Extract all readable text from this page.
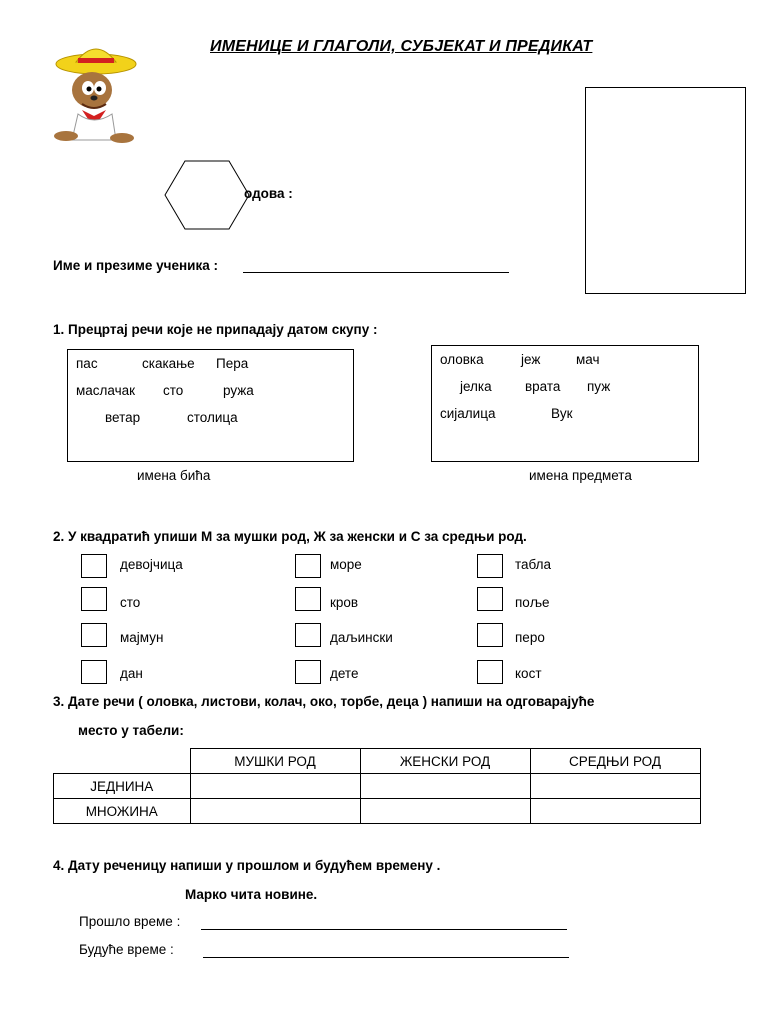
ИМЕНИЦЕ И ГЛАГОЛИ, СУБЈЕКАТ И ПРЕДИКАТ
одова :
Име и презиме ученика :
1. Прецртај речи које не припадају датом скупу :
пас	скакање Пера
маслачак сто	ружа
ветар	столица
имена бића
оловка	јеж	мач
јелка врата пуж
сијалица	Вук
имена предмета
2. У квадратић упиши М за мушки род, Ж за женски и С за средњи род.
девојчица
сто
мајмун
дан
море
кров
даљински
дете
табла
поље
перо
кост
3. Дате речи ( оловка, листови, колач, око, торбе, деца ) напиши на одговарајуће
место у табели:
	МУШКИ РОД	ЖЕНСКИ РОД	СРЕДЊИ РОД
ЈЕДНИНА			
МНОЖИНА			
4. Дату реченицу напиши у прошлом и будућем времену .
Марко чита новине.
Прошло време :
Будуће време :
